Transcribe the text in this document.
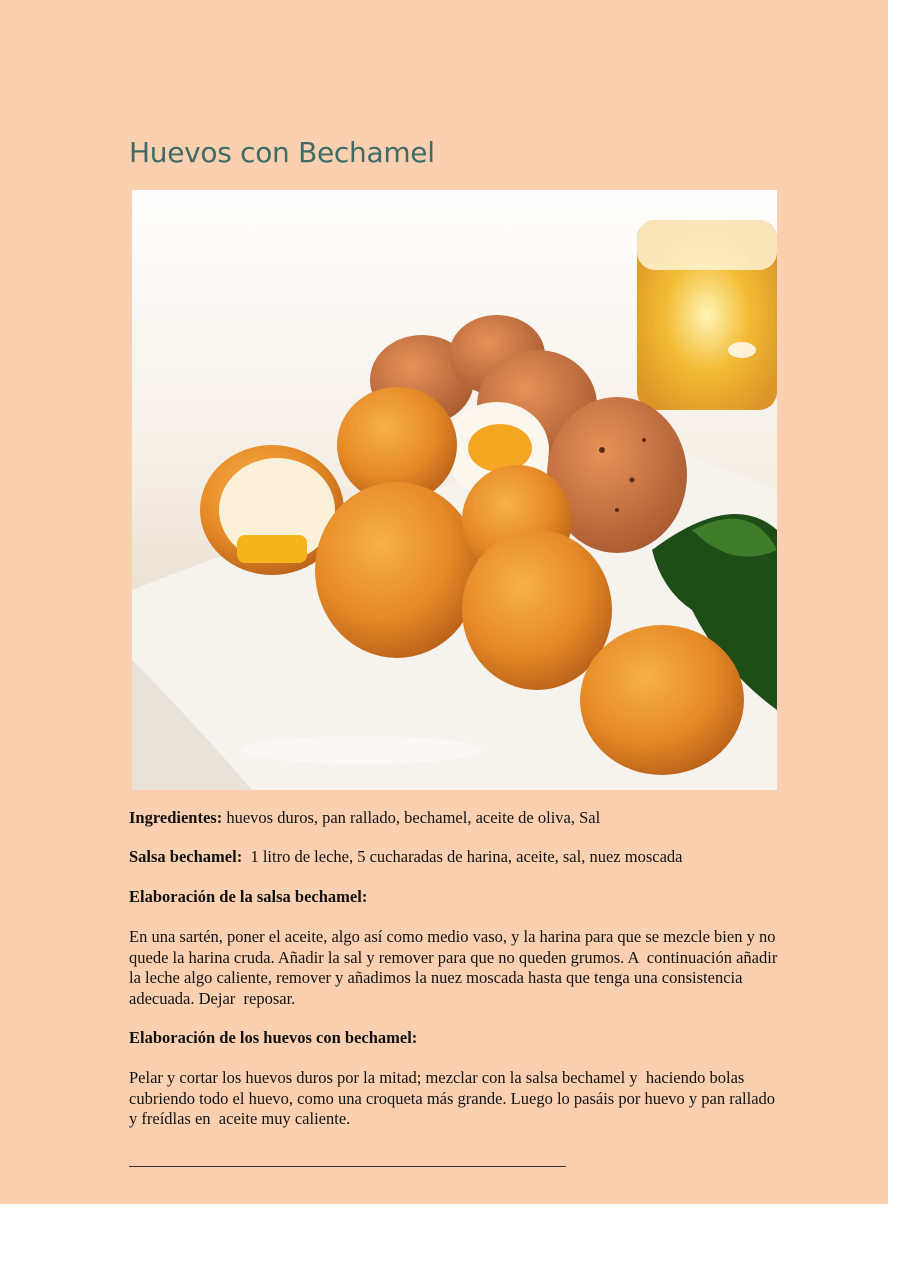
Huevos con Bechamel
Ingredientes: huevos duros, pan rallado, bechamel, aceite de oliva, Sal
Salsa bechamel:  1 litro de leche, 5 cucharadas de harina, aceite, sal, nuez moscada
Elaboración de la salsa bechamel:
En una sartén, poner el aceite, algo así como medio vaso, y la harina para que se mezcle bien y no quede la harina cruda. Añadir la sal y remover para que no queden grumos. A  continuación añadir la leche algo caliente, remover y añadimos la nuez moscada hasta que tenga una consistencia adecuada. Dejar  reposar.
Elaboración de los huevos con bechamel:
Pelar y cortar los huevos duros por la mitad; mezclar con la salsa bechamel y  haciendo bolas cubriendo todo el huevo, como una croqueta más grande. Luego lo pasáis por huevo y pan rallado y freídlas en  aceite muy caliente.
